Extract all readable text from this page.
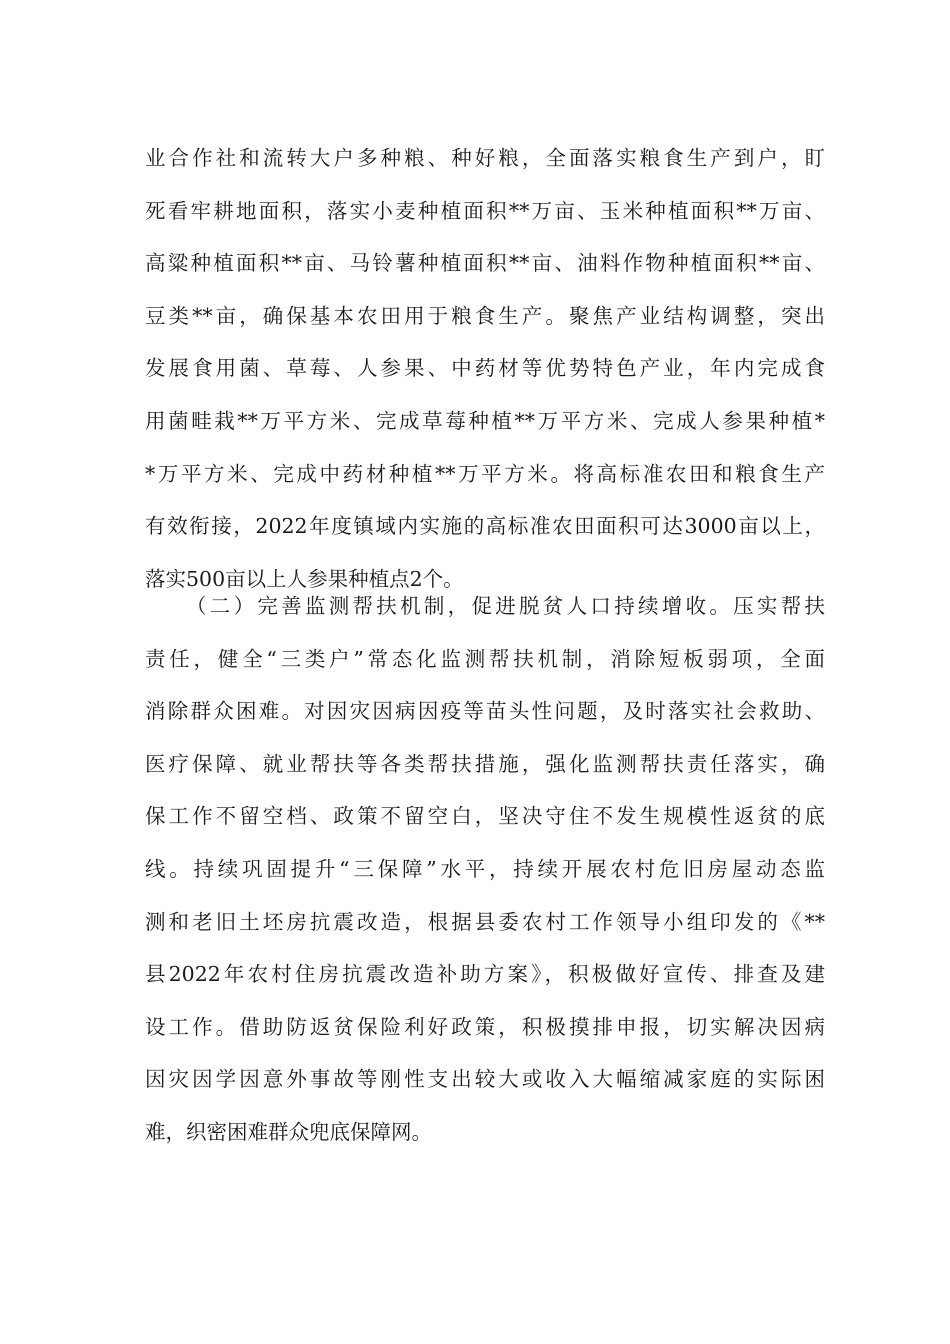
业合作社和流转大户多种粮、种好粮，全面落实粮食生产到户，盯
死看牢耕地面积，落实小麦种植面积**万亩、玉米种植面积**万亩、
高粱种植面积**亩、马铃薯种植面积**亩、油料作物种植面积**亩、
豆类**亩，确保基本农田用于粮食生产。聚焦产业结构调整，突出
发展食用菌、草莓、人参果、中药材等优势特色产业，年内完成食
用菌畦栽**万平方米、完成草莓种植**万平方米、完成人参果种植*
*万平方米、完成中药材种植**万平方米。将高标准农田和粮食生产
有效衔接，2022年度镇域内实施的高标准农田面积可达3000亩以上，
落实500亩以上人参果种植点2个。
（二）完善监测帮扶机制，促进脱贫人口持续增收。压实帮扶
责任，健全“三类户”常态化监测帮扶机制，消除短板弱项，全面
消除群众困难。对因灾因病因疫等苗头性问题，及时落实社会救助、
医疗保障、就业帮扶等各类帮扶措施，强化监测帮扶责任落实，确
保工作不留空档、政策不留空白，坚决守住不发生规模性返贫的底
线。持续巩固提升“三保障”水平，持续开展农村危旧房屋动态监
测和老旧土坯房抗震改造，根据县委农村工作领导小组印发的《**
县2022年农村住房抗震改造补助方案》，积极做好宣传、排查及建
设工作。借助防返贫保险利好政策，积极摸排申报，切实解决因病
因灾因学因意外事故等刚性支出较大或收入大幅缩减家庭的实际困
难，织密困难群众兜底保障网。
